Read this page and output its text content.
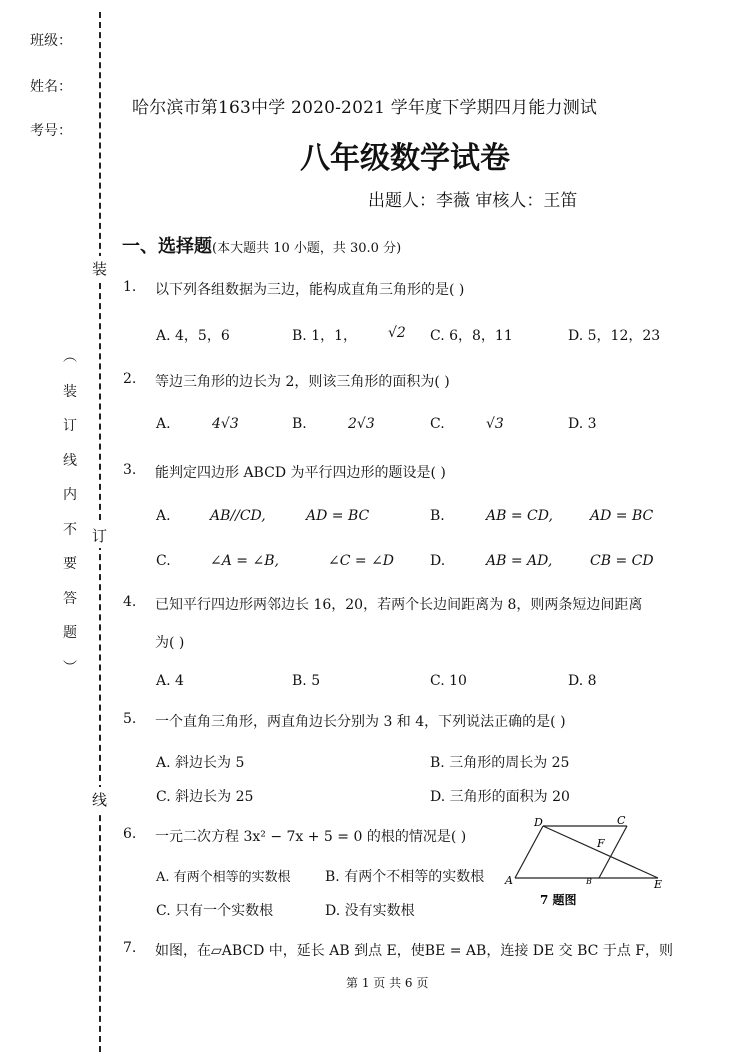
班级：
姓名：
考号：
装
订
线
︵
装
订
线
内
不
要
答
题
︶
哈尔滨市第163中学 2020-2021 学年度下学期四月能力测试
八年级数学试卷
出题人：李薇 审核人：王笛
一、选择题(本大题共 10 小题，共 30.0 分)
1. 以下列各组数据为三边，能构成直角三角形的是( )
A. 4，5，6	B. 1，1， √2 C. 6，8，11	D. 5，12，23
2. 等边三角形的边长为 2，则该三角形的面积为( )
A.	4√3	B.	2√3	C.	√3	D. 3
3. 能判定四边形 ABCD 为平行四边形的题设是( )
A.	AB//CD,	AD = BC	B.	AB = CD,	AD = BC
C.	∠A = ∠B,	∠C = ∠D	D.	AB = AD,	CB = CD
4. 已知平行四边形两邻边长 16，20，若两个长边间距离为 8，则两条短边间距离
为( )
A. 4	B. 5	C. 10	D. 8
5. 一个直角三角形，两直角边长分别为 3 和 4，下列说法正确的是( )
A. 斜边长为 5	B. 三角形的周长为 25
C. 斜边长为 25	D. 三角形的面积为 20
6. 一元二次方程 3x² − 7x + 5 = 0 的根的情况是( )
A. 有两个相等的实数根 B. 有两个不相等的实数根
C. 只有一个实数根	D. 没有实数根
D	C
F
A	B	E
7 题图
7. 如图，在▱ABCD 中，延长 AB 到点 E，使BE = AB，连接 DE 交 BC 于点 F，则
第 1 页 共 6 页
